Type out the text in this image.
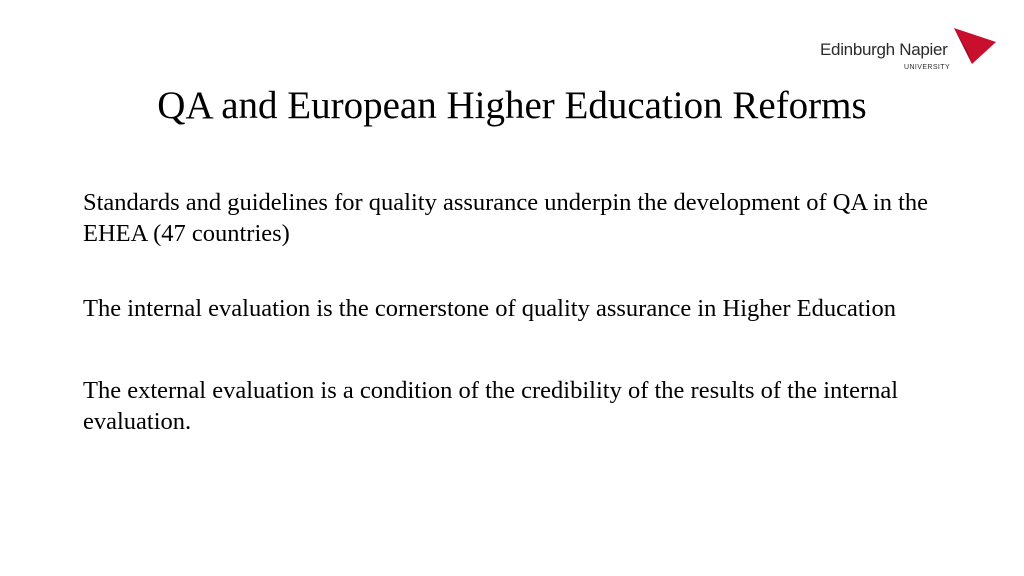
Edinburgh Napier
UNIVERSITY
QA and European Higher Education Reforms
Standards and guidelines for quality assurance underpin the development of QA in the EHEA (47 countries)
The internal evaluation is the cornerstone of quality assurance in Higher Education
The external evaluation is a condition of the credibility of the results of the internal evaluation.
